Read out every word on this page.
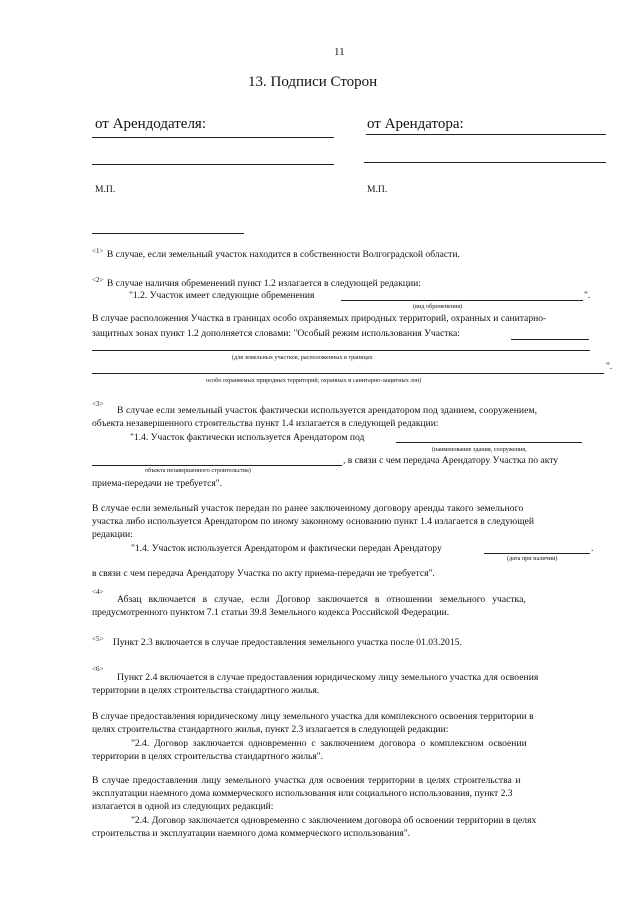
11
13. Подписи Сторон
от Арендодателя:	от Арендатора:
М.П.	М.П.
$^{<1>}$ В случае, если земельный участок находится в собственности Волгоградской области.
$^{<2>}$ В случае наличия обременений пункт 1.2 излагается в следующей редакции:
"1.2. Участок имеет следующие обременения	".
(вид обременения)
В случае расположения Участка в границах особо охраняемых природных территорий, охранных и санитарно-
защитных зонах пункт 1.2 дополняется словами: "Особый режим использования Участка:
(для земельных участков, расположенных в границах
".
особо охраняемых природных территорий, охранных и санитарно-защитных зон)
$^{<3>}$
В случае если земельный участок фактически используется арендатором под зданием, сооружением,
объекта незавершенного строительства пункт 1.4 излагается в следующей редакции:
"1.4. Участок фактически используется Арендатором под
(наименование здания, сооружения,
, в связи с чем передача Арендатору Участка по акту
объекта незавершенного строительства)
приема-передачи не требуется".
В случае если земельный участок передан по ранее заключенному договору аренды такого земельного
участка либо используется Арендатором по иному законному основанию пункт 1.4 излагается в следующей
редакции:
"1.4. Участок используется Арендатором и фактически передан Арендатору	.
(дата при наличии)
в связи с чем передача Арендатору Участка по акту приема-передачи не требуется".
$^{<4>}$
Абзац включается в случае, если Договор заключается в отношении земельного участка,
предусмотренного пунктом 7.1 статьи 39.8 Земельного кодекса Российской Федерации.
$^{<5>}$ Пункт 2.3 включается в случае предоставления земельного участка после 01.03.2015.
$^{<6>}$
Пункт 2.4 включается в случае предоставления юридическому лицу земельного участка для освоения
территории в целях строительства стандартного жилья.
В случае предоставления юридическому лицу земельного участка для комплексного освоения территории в
целях строительства стандартного жилья, пункт 2.3 излагается в следующей редакции:
"2.4. Договор заключается одновременно с заключением договора о комплексном освоении
территории в целях строительства стандартного жилья".
В случае предоставления лицу земельного участка для освоения территории в целях строительства и
эксплуатации наемного дома коммерческого использования или социального использования, пункт 2.3
излагается в одной из следующих редакций:
"2.4. Договор заключается одновременно с заключением договора об освоении территории в целях
строительства и эксплуатации наемного дома коммерческого использования".
